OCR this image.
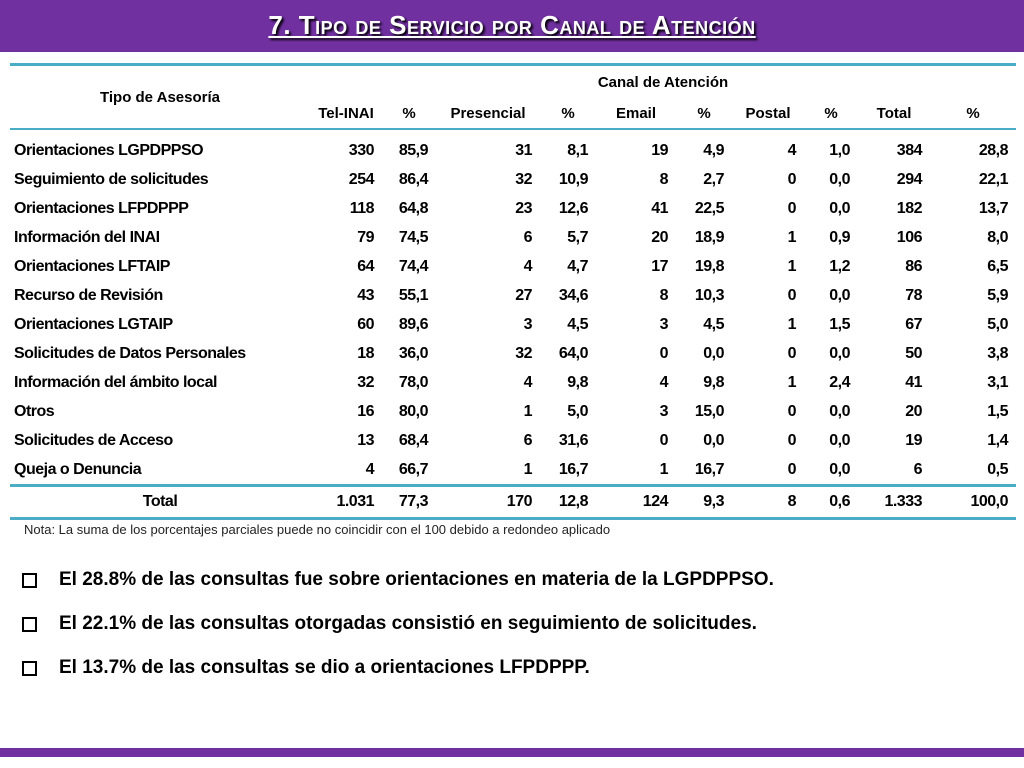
7. Tipo de Servicio por Canal de Atención
Tipo de Asesoría	Canal de Atención									
	Tel-INAI	%	Presencial	%	Email	%	Postal	%	Total	%
Orientaciones LGPDPPSO	330	85,9	31	8,1	19	4,9	4	1,0	384	28,8
Seguimiento de solicitudes	254	86,4	32	10,9	8	2,7	0	0,0	294	22,1
Orientaciones LFPDPPP	118	64,8	23	12,6	41	22,5	0	0,0	182	13,7
Información del INAI	79	74,5	6	5,7	20	18,9	1	0,9	106	8,0
Orientaciones LFTAIP	64	74,4	4	4,7	17	19,8	1	1,2	86	6,5
Recurso de Revisión	43	55,1	27	34,6	8	10,3	0	0,0	78	5,9
Orientaciones LGTAIP	60	89,6	3	4,5	3	4,5	1	1,5	67	5,0
Solicitudes de Datos Personales	18	36,0	32	64,0	0	0,0	0	0,0	50	3,8
Información del ámbito local	32	78,0	4	9,8	4	9,8	1	2,4	41	3,1
Otros	16	80,0	1	5,0	3	15,0	0	0,0	20	1,5
Solicitudes de Acceso	13	68,4	6	31,6	0	0,0	0	0,0	19	1,4
Queja o Denuncia	4	66,7	1	16,7	1	16,7	0	0,0	6	0,5
Total	1.031	77,3	170	12,8	124	9,3	8	0,6	1.333	100,0
Nota: La suma de los porcentajes parciales puede no coincidir con el 100 debido a redondeo aplicado
El 28.8% de las consultas fue sobre orientaciones en materia de la LGPDPPSO.
El 22.1% de las consultas otorgadas consistió en seguimiento de solicitudes.
El 13.7% de las consultas se dio a orientaciones LFPDPPP.
